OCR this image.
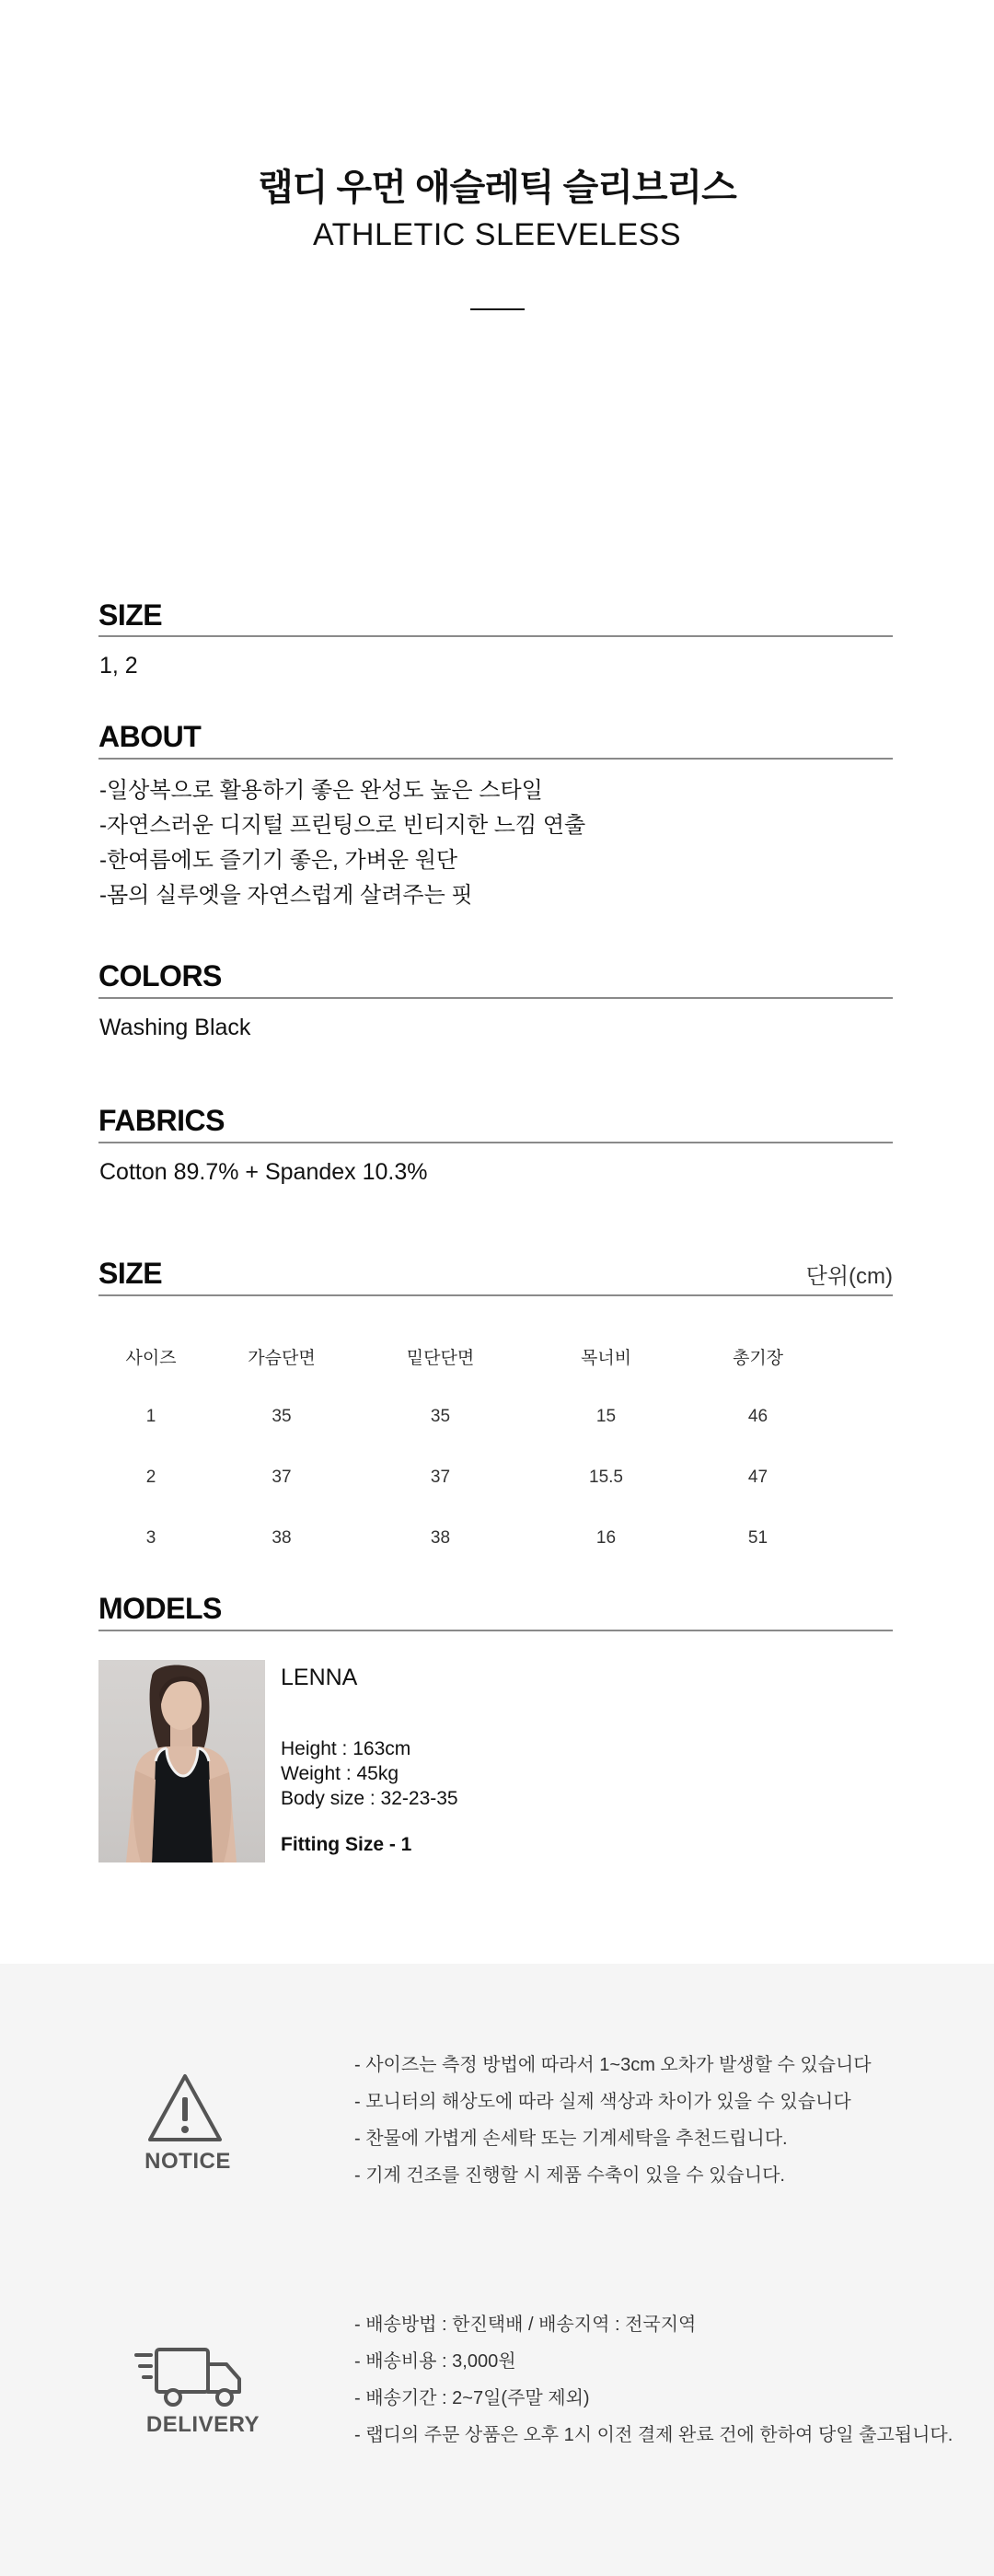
랩디 우먼 애슬레틱 슬리브리스
ATHLETIC SLEEVELESS
SIZE
1, 2
ABOUT
-일상복으로 활용하기 좋은 완성도 높은 스타일
-자연스러운 디지털 프린팅으로 빈티지한 느낌 연출
-한여름에도 즐기기 좋은, 가벼운 원단
-몸의 실루엣을 자연스럽게 살려주는 핏
COLORS
Washing Black
FABRICS
Cotton 89.7% + Spandex 10.3%
SIZE	단위(cm)
사이즈	가슴단면	밑단단면	목너비	총기장	
1	35	35	15	46	
2	37	37	15.5	47	
3	38	38	16	51	
MODELS
LENNA
Height : 163cm
Weight : 45kg
Body size : 32-23-35
Fitting Size - 1
NOTICE
- 사이즈는 측정 방법에 따라서 1~3cm 오차가 발생할 수 있습니다
- 모니터의 해상도에 따라 실제 색상과 차이가 있을 수 있습니다
- 찬물에 가볍게 손세탁 또는 기계세탁을 추천드립니다.
- 기계 건조를 진행할 시 제품 수축이 있을 수 있습니다.
DELIVERY
- 배송방법 : 한진택배 / 배송지역 : 전국지역
- 배송비용 : 3,000원
- 배송기간 : 2~7일(주말 제외)
- 랩디의 주문 상품은 오후 1시 이전 결제 완료 건에 한하여 당일 출고됩니다.
